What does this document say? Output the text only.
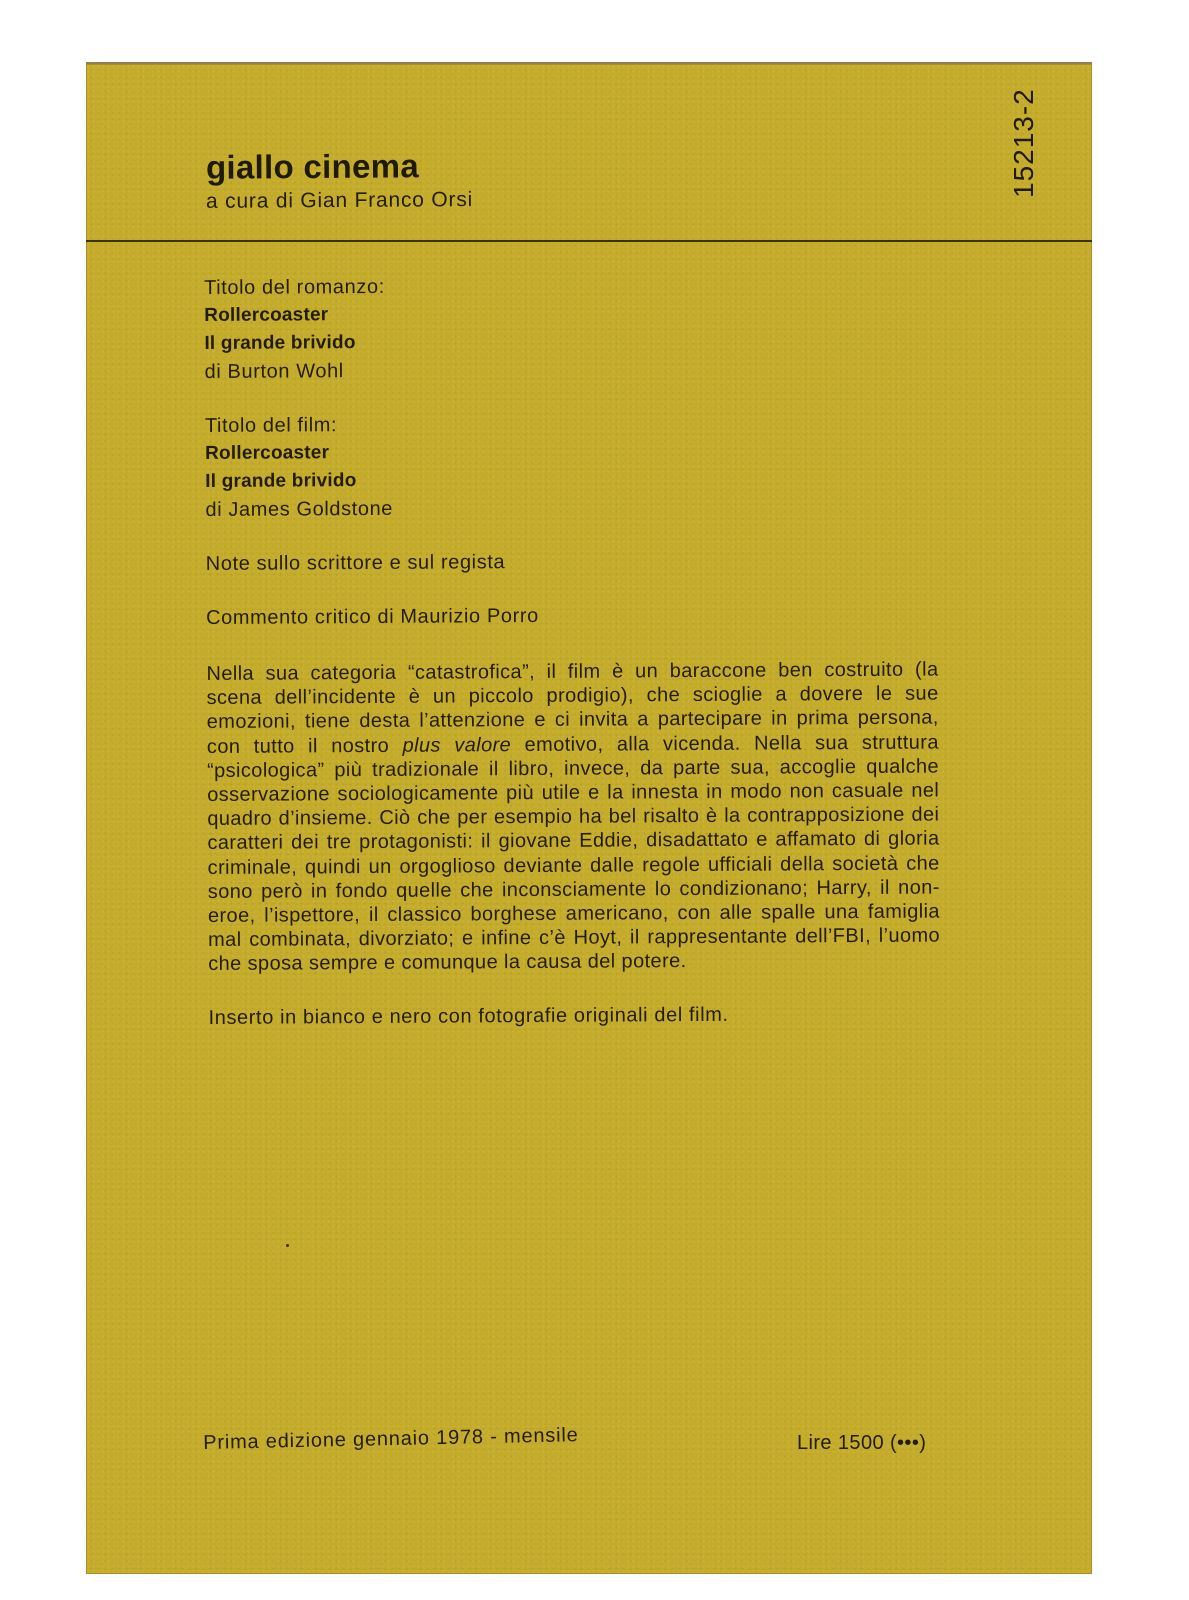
giallo cinema
a cura di Gian Franco Orsi
15213-2
Titolo del romanzo:
Rollercoaster
Il grande brivido
di Burton Wohl
Titolo del film:
Rollercoaster
Il grande brivido
di James Goldstone
Note sullo scrittore e sul regista
Commento critico di Maurizio Porro
Nella sua categoria “catastrofica”, il film è un baraccone ben costruito (la scena dell’incidente è un piccolo prodigio), che scioglie a dovere le sue emozioni, tiene desta l’attenzione e ci invita a partecipare in prima persona, con tutto il nostro plus valore emotivo, alla vicenda. Nella sua struttura “psicologica” più tradizionale il libro, invece, da parte sua, accoglie qualche osservazione sociologicamente più utile e la innesta in modo non casuale nel quadro d’insieme. Ciò che per esempio ha bel risalto è la contrapposizione dei caratteri dei tre protagonisti: il giovane Eddie, disadattato e affamato di gloria criminale, quindi un orgoglioso deviante dalle regole ufficiali della società che sono però in fondo quelle che inconsciamente lo condizionano; Harry, il non-eroe, l’ispettore, il classico borghese americano, con alle spalle una famiglia mal combinata, divorziato; e infine c’è Hoyt, il rappresentante dell’FBI, l’uomo che sposa sempre e comunque la causa del potere.
Inserto in bianco e nero con fotografie originali del film.
Prima edizione gennaio 1978 - mensile	Lire 1500 (•••)
